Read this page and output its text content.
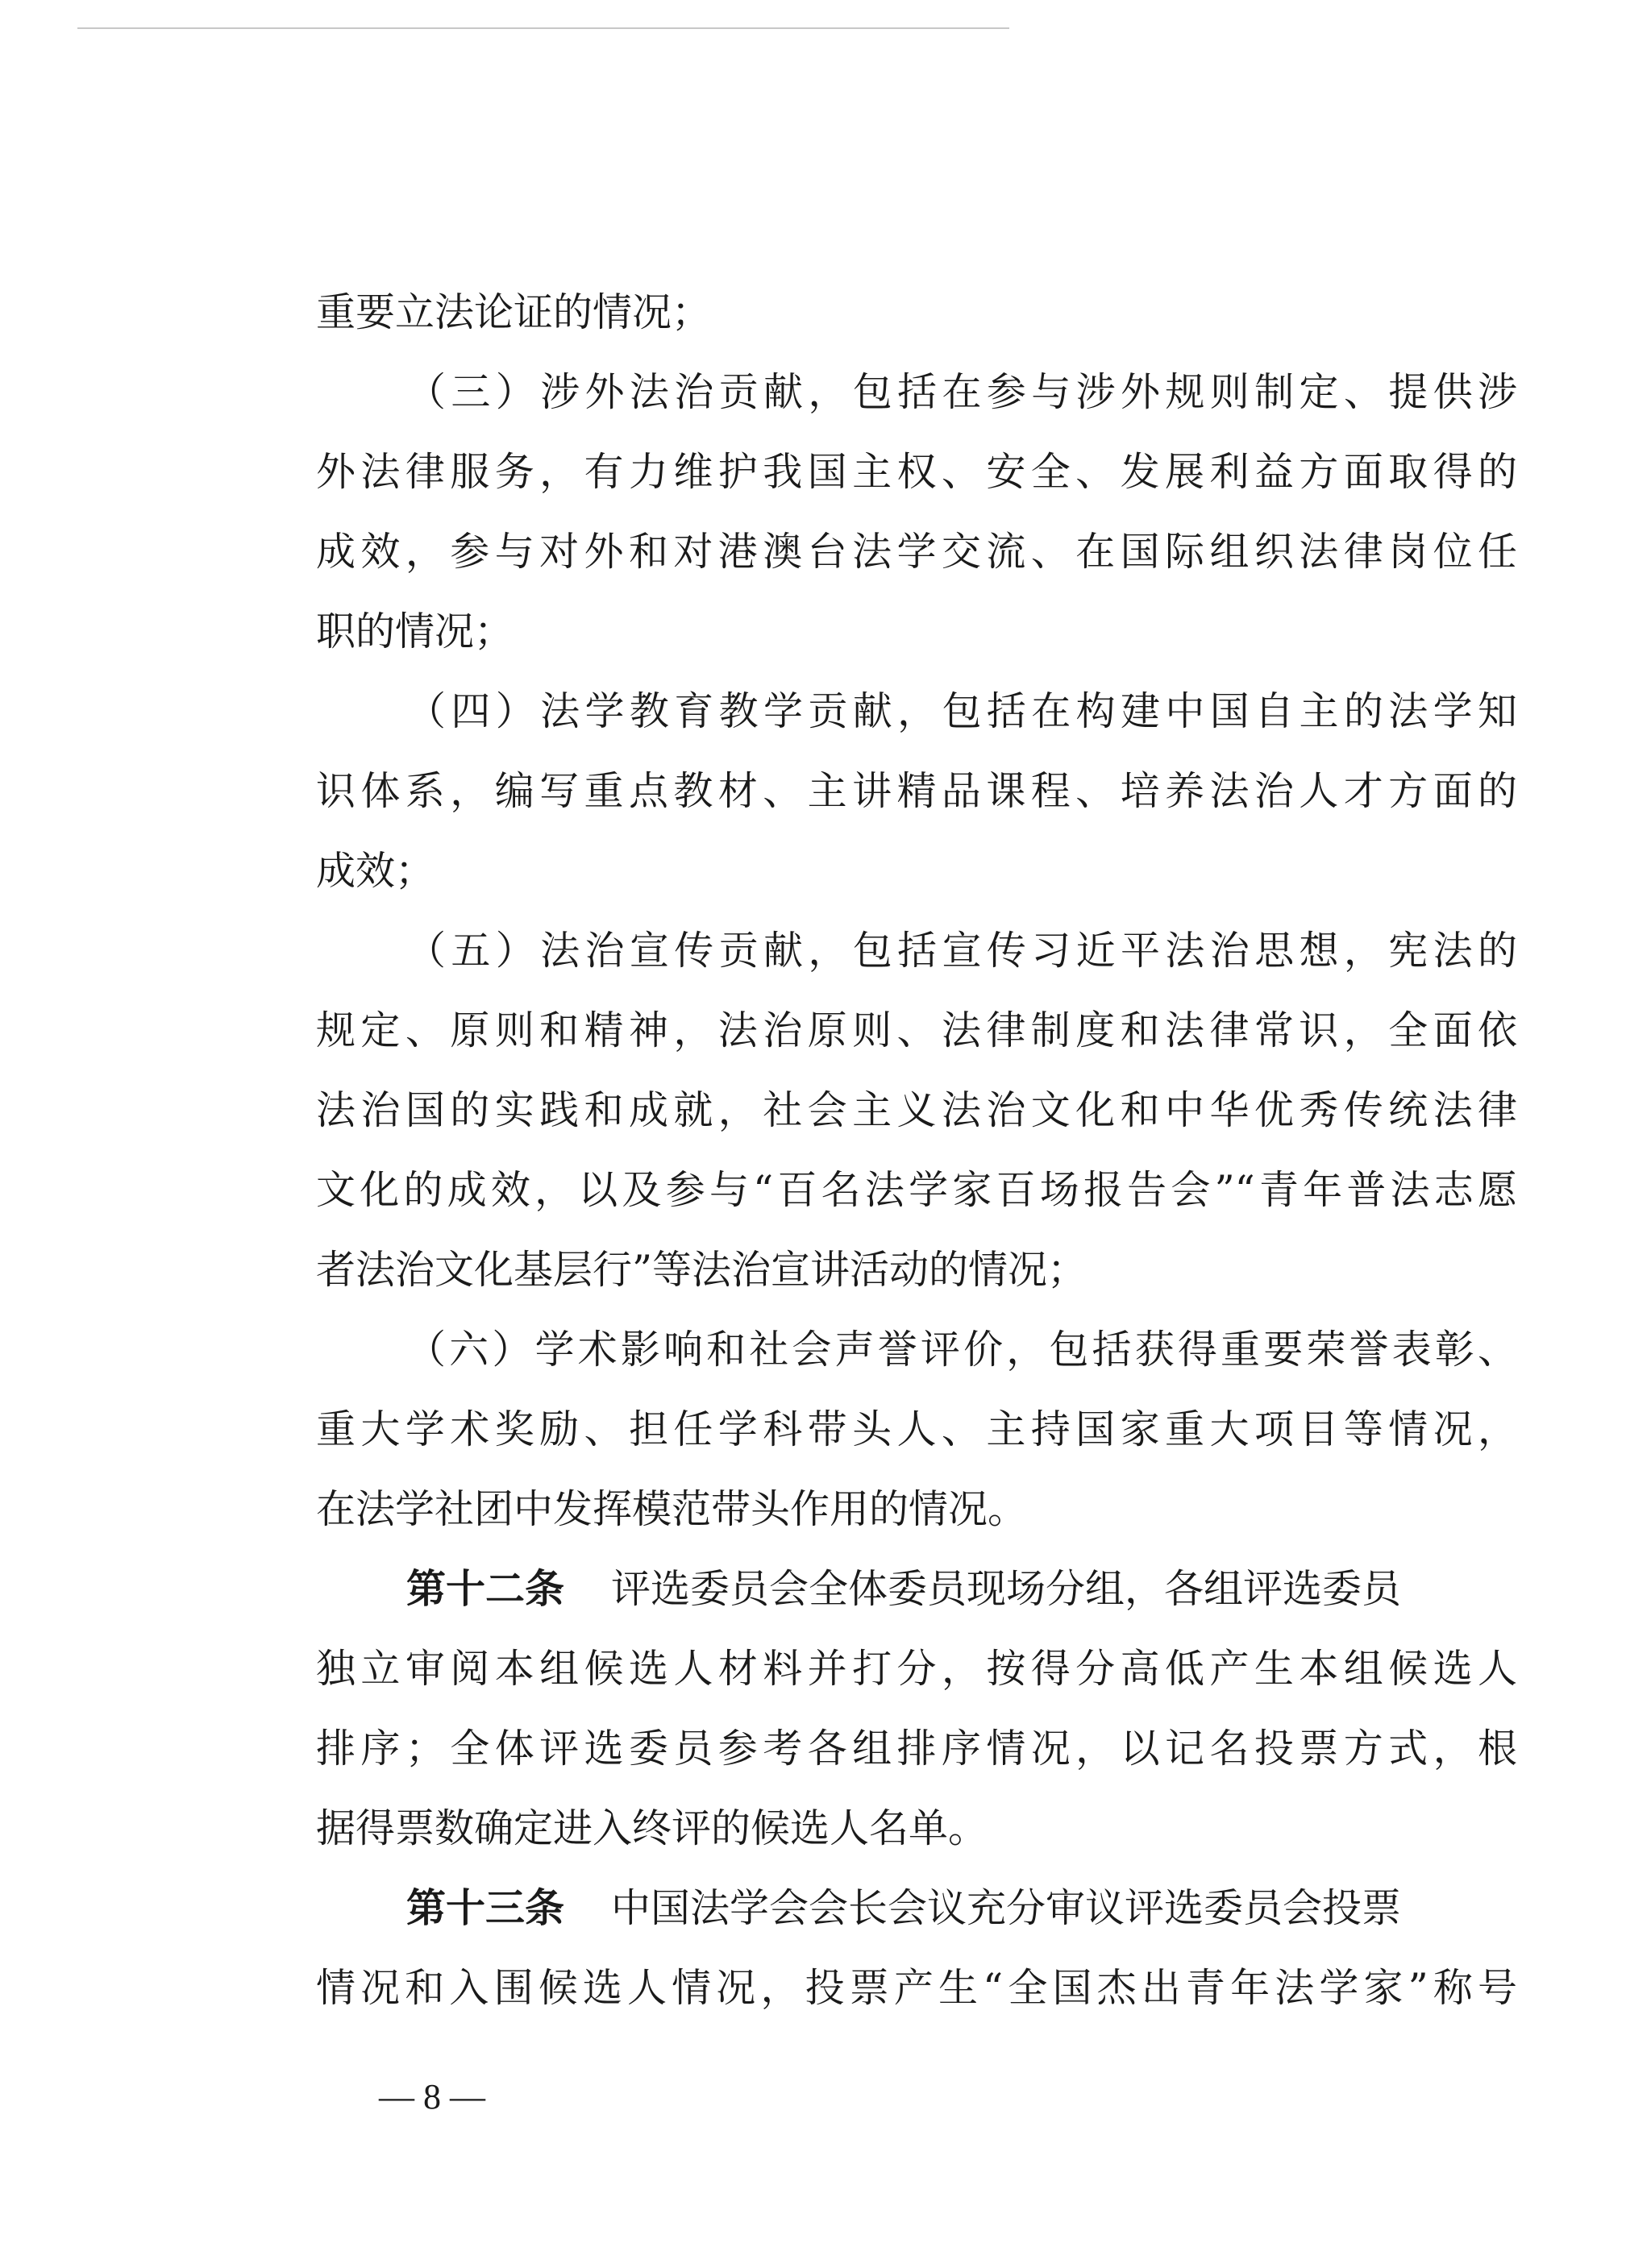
重要立法论证的情况；
（三）涉外法治贡献，包括在参与涉外规则制定、提供涉
外法律服务，有力维护我国主权、安全、发展利益方面取得的
成效，参与对外和对港澳台法学交流、在国际组织法律岗位任
职的情况；
（四）法学教育教学贡献，包括在构建中国自主的法学知
识体系，编写重点教材、主讲精品课程、培养法治人才方面的
成效；
（五）法治宣传贡献，包括宣传习近平法治思想，宪法的
规定、原则和精神，法治原则、法律制度和法律常识，全面依
法治国的实践和成就，社会主义法治文化和中华优秀传统法律
文化的成效，以及参与“百名法学家百场报告会”“青年普法志愿
者法治文化基层行”等法治宣讲活动的情况；
（六）学术影响和社会声誉评价，包括获得重要荣誉表彰、
重大学术奖励、担任学科带头人、主持国家重大项目等情况，
在法学社团中发挥模范带头作用的情况。
第十二条 评选委员会全体委员现场分组，各组评选委员
独立审阅本组候选人材料并打分，按得分高低产生本组候选人
排序；全体评选委员参考各组排序情况，以记名投票方式，根
据得票数确定进入终评的候选人名单。
第十三条 中国法学会会长会议充分审议评选委员会投票
情况和入围候选人情况，投票产生“全国杰出青年法学家”称号
— 8 —
